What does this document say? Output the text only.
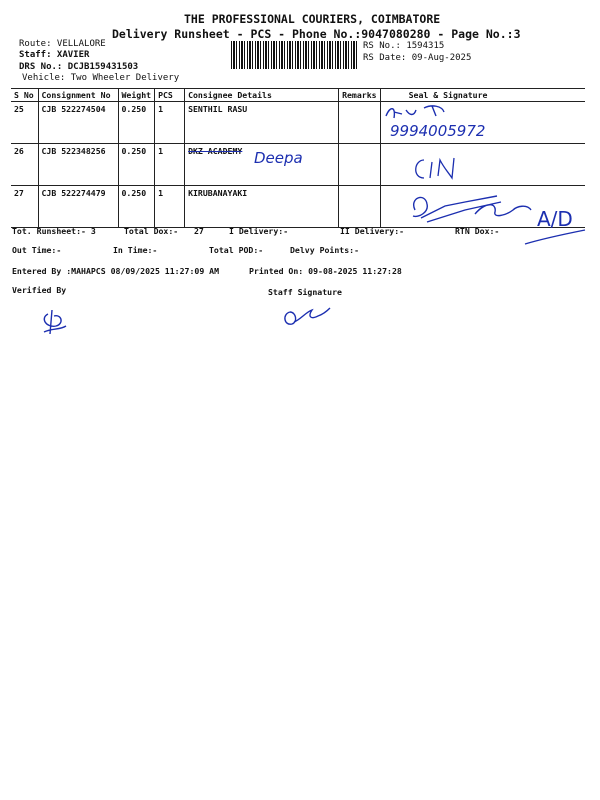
THE PROFESSIONAL COURIERS, COIMBATORE
Delivery Runsheet - PCS - Phone No.:9047080280 - Page No.:3
Route: VELLALORE
Staff: XAVIER
DRS No.: DCJB159431503
Vehicle: Two Wheeler Delivery
RS No.: 1594315
RS Date: 09-Aug-2025
S No	Consignment No	Weight	PCS	Consignee Details	Remarks	Seal & Signature
25	CJB 522274504	0.250	1	SENTHIL RASU		
26	CJB 522348256	0.250	1	DKZ ACADEMY		
27	CJB 522274479	0.250	1	KIRUBANAYAKI		
9994005972
Deepa
A/D
Tot. Runsheet:- 3	Total Dox:- 27	I Delivery:-	II Delivery:-	RTN Dox:-
Out Time:-	In Time:-	Total POD:-	Delvy Points:-
Entered By :MAHAPCS 08/09/2025 11:27:09 AM	Printed On: 09-08-2025 11:27:28
Verified By	Staff Signature
